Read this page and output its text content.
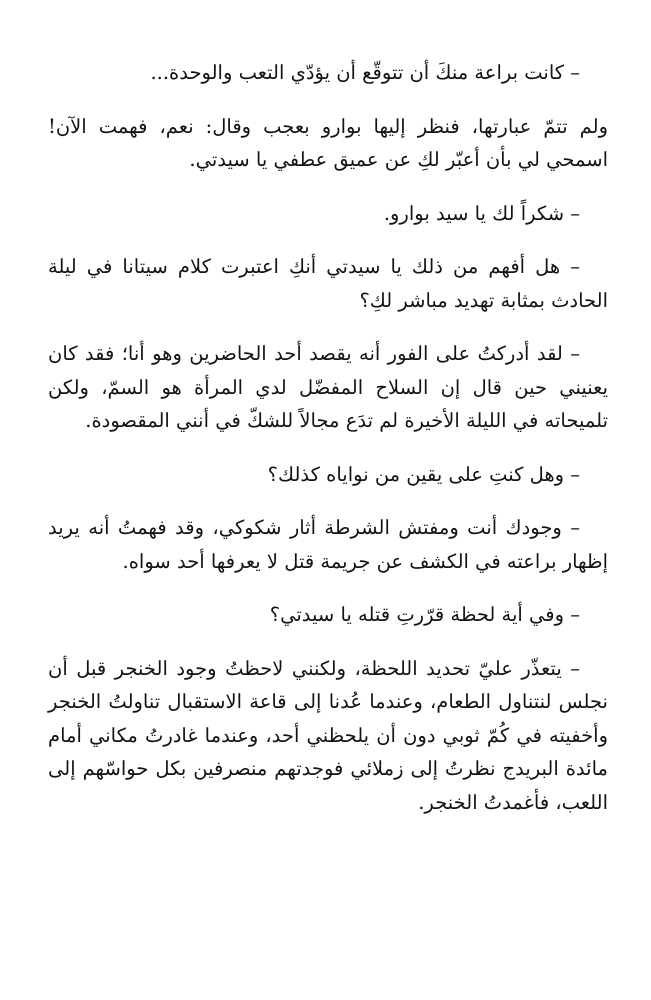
– كانت براعة منكَ أن تتوقّع أن يؤدّي التعب والوحدة...

ولم تتمّ عبارتها، فنظر إليها بوارو بعجب وقال: نعم، فهمت الآن! اسمحي لي بأن أعبّر لكِ عن عميق عطفي يا سيدتي.

– شكراً لك يا سيد بوارو.

– هل أفهم من ذلك يا سيدتي أنكِ اعتبرت كلام سيتانا في ليلة الحادث بمثابة تهديد مباشر لكِ؟

– لقد أدركتُ على الفور أنه يقصد أحد الحاضرين وهو أنا؛ فقد كان يعنيني حين قال إن السلاح المفضّل لدي المرأة هو السمّ، ولكن تلميحاته في الليلة الأخيرة لم تدَع مجالاً للشكّ في أنني المقصودة.

– وهل كنتِ على يقين من نواياه كذلك؟

– وجودك أنت ومفتش الشرطة أثار شكوكي، وقد فهمتُ أنه يريد إظهار براعته في الكشف عن جريمة قتل لا يعرفها أحد سواه.

– وفي أية لحظة قرّرتِ قتله يا سيدتي؟

– يتعذّر عليّ تحديد اللحظة، ولكنني لاحظتُ وجود الخنجر قبل أن نجلس لنتناول الطعام، وعندما عُدنا إلى قاعة الاستقبال تناولتُ الخنجر وأخفيته في كُمّ ثوبي دون أن يلحظني أحد، وعندما غادرتُ مكاني أمام مائدة البريدج نظرتُ إلى زملائي فوجدتهم منصرفين بكل حواسّهم إلى اللعب، فأغمدتُ الخنجر.
